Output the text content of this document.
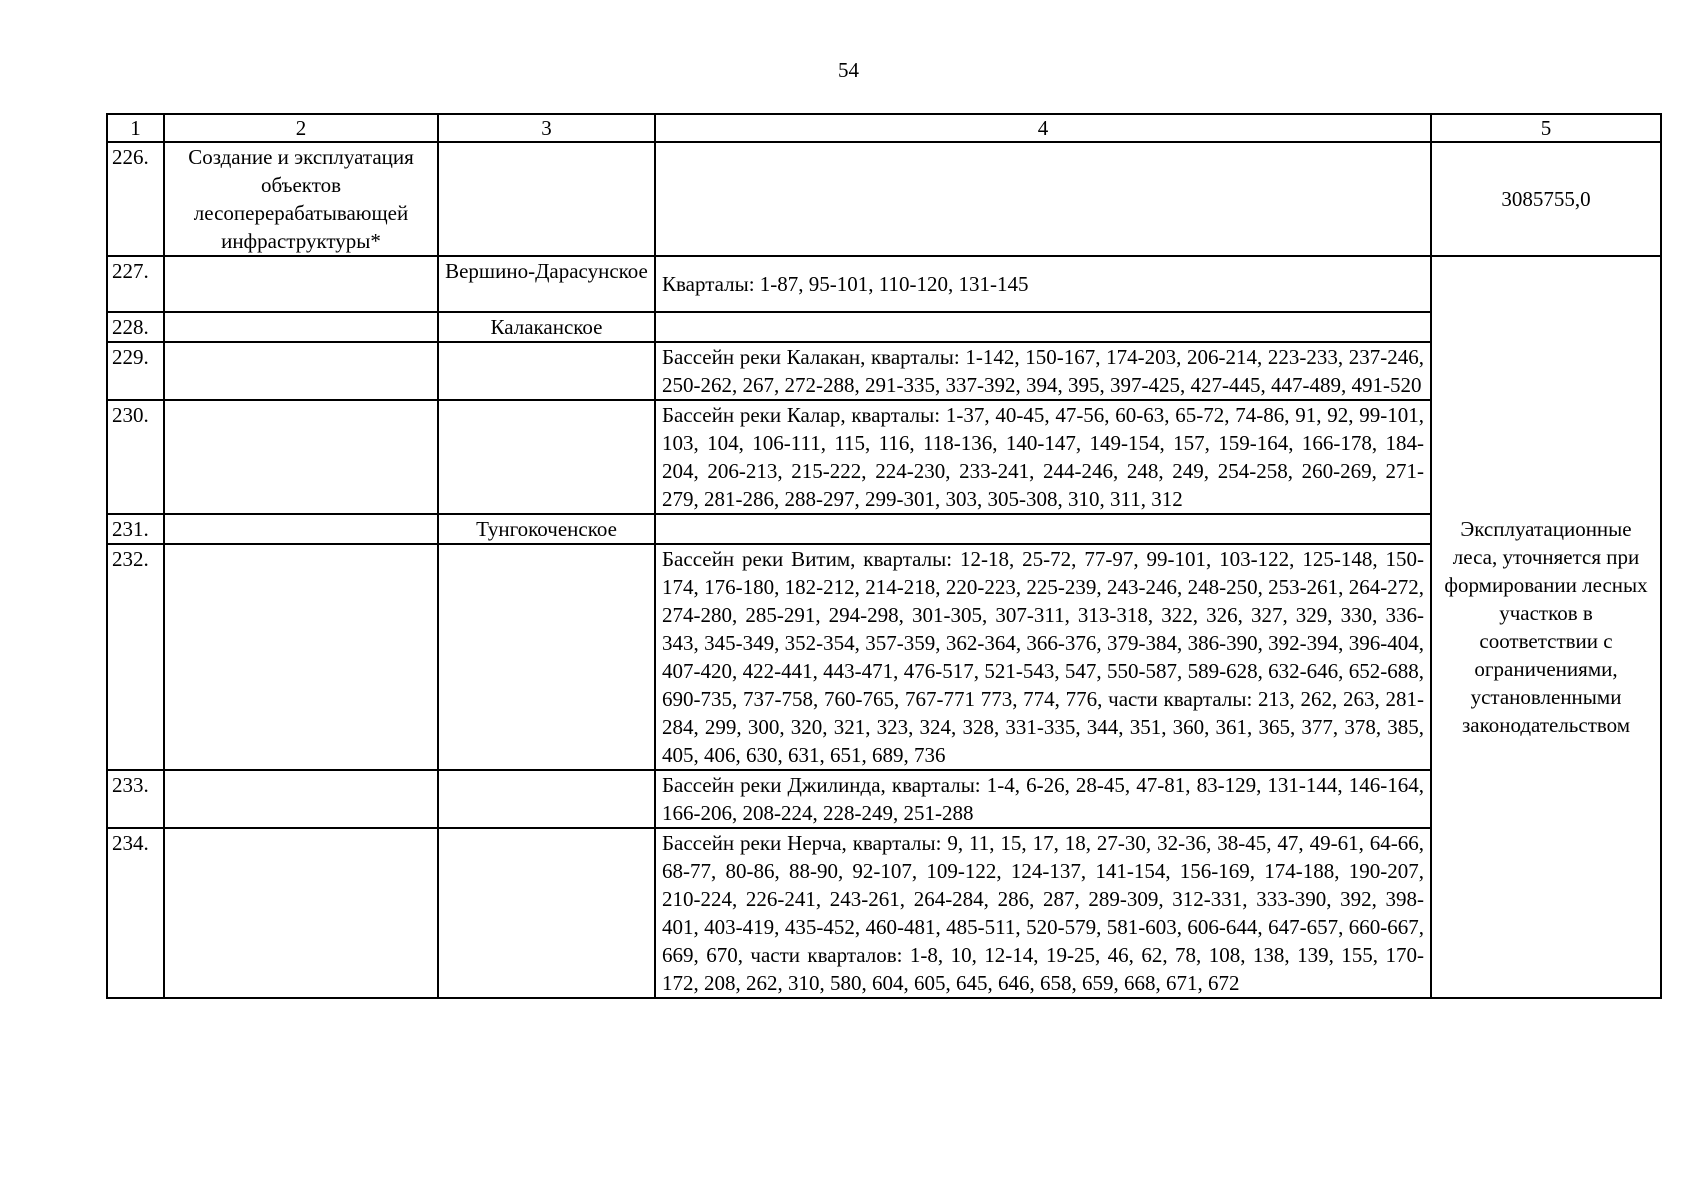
54
1	2	3	4	5
226.	Создание и эксплуатация объектов лесоперерабатывающей инфраструктуры*			3085755,0
227.		Вершино-Дарасунское	Кварталы: 1-87, 95-101, 110-120, 131-145	Эксплуатационные леса, уточняется при формировании лесных участков в соответствии с ограничениями, установленными законодательством
228.		Калаканское		
229.			Бассейн реки Калакан, кварталы: 1-142, 150-167, 174-203, 206-214, 223-233, 237-246, 250-262, 267, 272-288, 291-335, 337-392, 394, 395, 397-425, 427-445, 447-489, 491-520	
230.			Бассейн реки Калар, кварталы: 1-37, 40-45, 47-56, 60-63, 65-72, 74-86, 91, 92, 99-101, 103, 104, 106-111, 115, 116, 118-136, 140-147, 149-154, 157, 159-164, 166-178, 184-204, 206-213, 215-222, 224-230, 233-241, 244-246, 248, 249, 254-258, 260-269, 271-279, 281-286, 288-297, 299-301, 303, 305-308, 310, 311, 312	
231.		Тунгокоченское		
232.			Бассейн реки Витим, кварталы: 12-18, 25-72, 77-97, 99-101, 103-122, 125-148, 150-174, 176-180, 182-212, 214-218, 220-223, 225-239, 243-246, 248-250, 253-261, 264-272, 274-280, 285-291, 294-298, 301-305, 307-311, 313-318, 322, 326, 327, 329, 330, 336-343, 345-349, 352-354, 357-359, 362-364, 366-376, 379-384, 386-390, 392-394, 396-404, 407-420, 422-441, 443-471, 476-517, 521-543, 547, 550-587, 589-628, 632-646, 652-688, 690-735, 737-758, 760-765, 767-771 773, 774, 776, части кварталы: 213, 262, 263, 281-284, 299, 300, 320, 321, 323, 324, 328, 331-335, 344, 351, 360, 361, 365, 377, 378, 385, 405, 406, 630, 631, 651, 689, 736	
233.			Бассейн реки Джилинда, кварталы: 1-4, 6-26, 28-45, 47-81, 83-129, 131-144, 146-164, 166-206, 208-224, 228-249, 251-288	
234.			Бассейн реки Нерча, кварталы: 9, 11, 15, 17, 18, 27-30, 32-36, 38-45, 47, 49-61, 64-66, 68-77, 80-86, 88-90, 92-107, 109-122, 124-137, 141-154, 156-169, 174-188, 190-207, 210-224, 226-241, 243-261, 264-284, 286, 287, 289-309, 312-331, 333-390, 392, 398-401, 403-419, 435-452, 460-481, 485-511, 520-579, 581-603, 606-644, 647-657, 660-667, 669, 670, части кварталов: 1-8, 10, 12-14, 19-25, 46, 62, 78, 108, 138, 139, 155, 170-172, 208, 262, 310, 580, 604, 605, 645, 646, 658, 659, 668, 671, 672	
